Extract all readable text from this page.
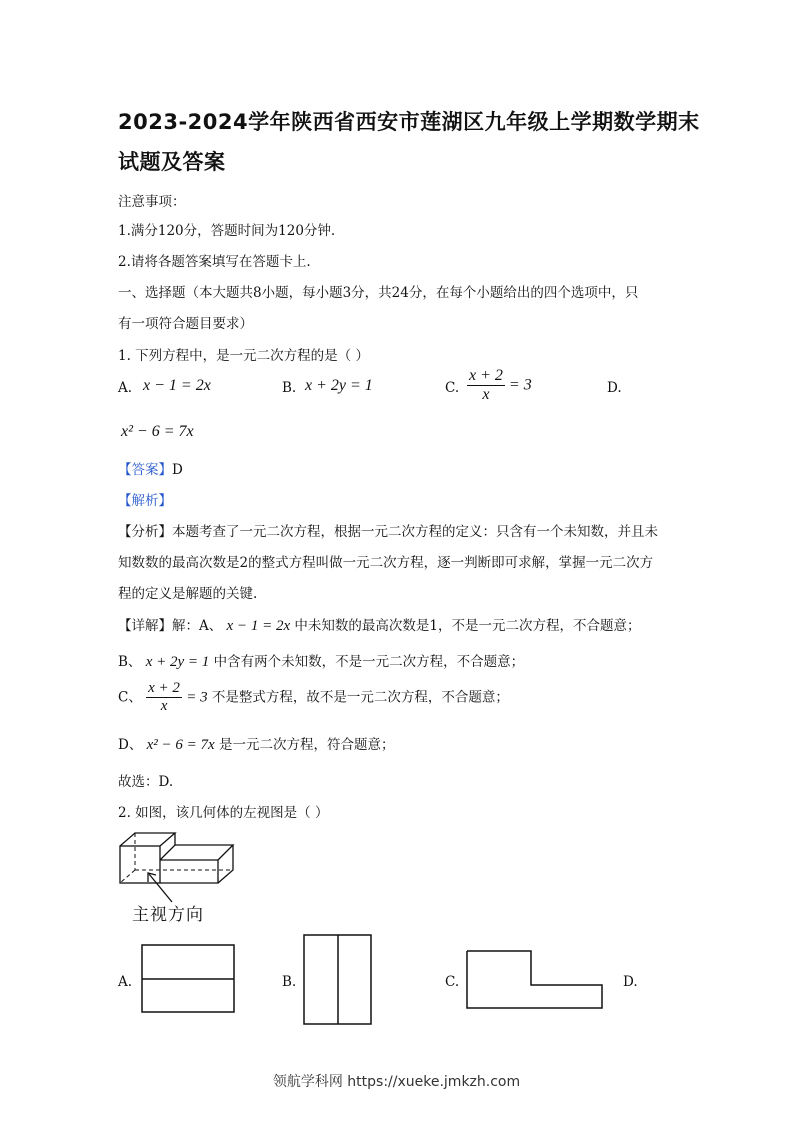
2023-2024学年陕西省西安市莲湖区九年级上学期数学期末
试题及答案
注意事项：
1.满分120分，答题时间为120分钟.
2.请将各题答案填写在答题卡上.
一、选择题（本大题共8小题，每小题3分，共24分，在每个小题给出的四个选项中，只
有一项符合题目要求）
1. 下列方程中，是一元二次方程的是（ ）
A. x − 1 = 2x	B. x + 2y = 1	C. $\frac{x + 2}{x} = 3$	D.
x² − 6 = 7x
【答案】D
【解析】
【分析】本题考查了一元二次方程，根据一元二次方程的定义：只含有一个未知数，并且未
知数数的最高次数是2的整式方程叫做一元二次方程，逐一判断即可求解，掌握一元二次方
程的定义是解题的关键.
【详解】解：A、 x − 1 = 2x 中未知数的最高次数是1，不是一元二次方程，不合题意；
B、 x + 2y = 1 中含有两个未知数，不是一元二次方程，不合题意；
C、 $\frac{x + 2}{x} = 3$ 不是整式方程，故不是一元二次方程，不合题意；
D、 x² − 6 = 7x 是一元二次方程，符合题意；
故选：D.
2. 如图，该几何体的左视图是（ ）
主视方向
A.	B.	C.	D.
领航学科网 https://xueke.jmkzh.com
